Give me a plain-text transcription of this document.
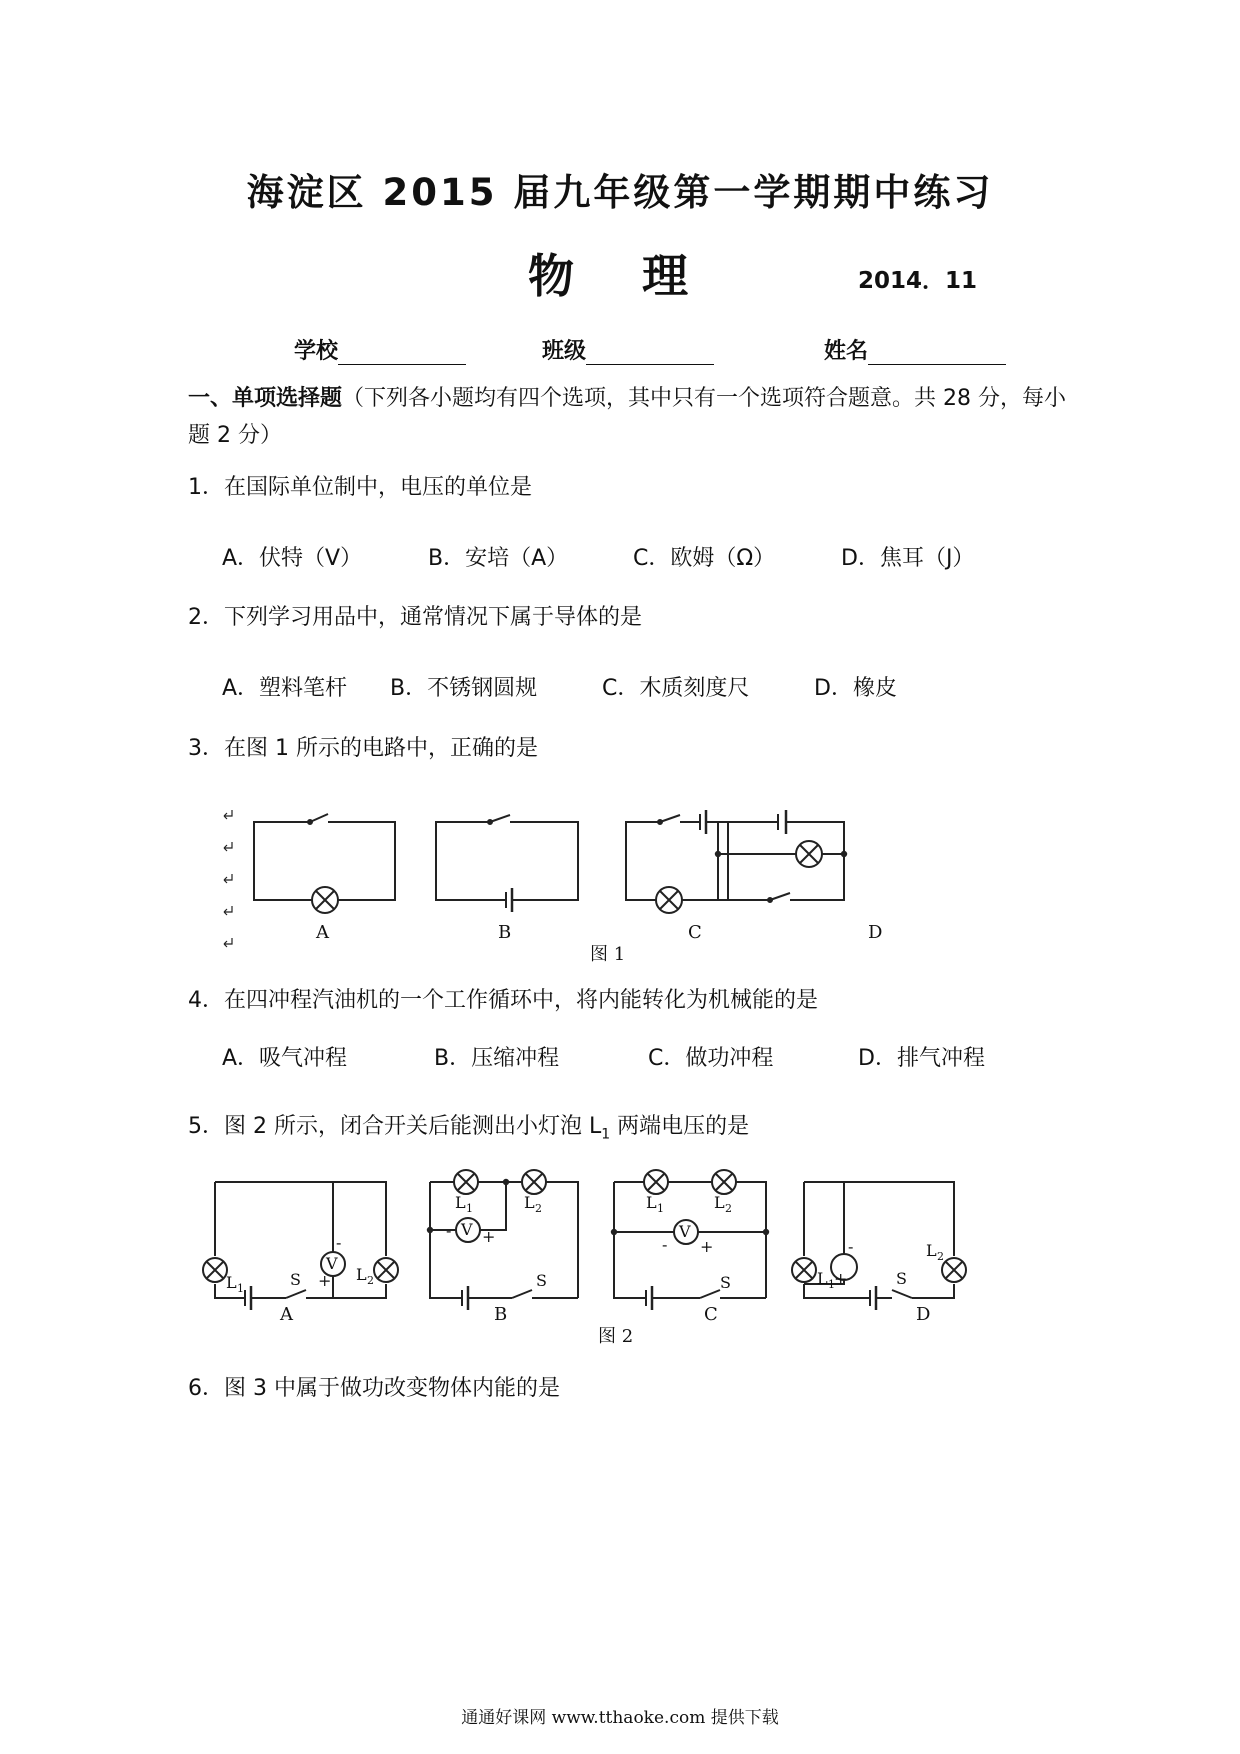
海淀区 2015 届九年级第一学期期中练习
物 理	2014．11
学校	班级	姓名
一、单项选择题（下列各小题均有四个选项，其中只有一个选项符合题意。共 28 分，每小
题 2 分）
1．在国际单位制中，电压的单位是
A．伏特（V）	B．安培（A）	C．欧姆（Ω）	D．焦耳（J）
2．下列学习用品中，通常情况下属于导体的是
A．塑料笔杆 B．不锈钢圆规	C．木质刻度尺	D．橡皮
3．在图 1 所示的电路中，正确的是
A	B	C	D
图 1
4．在四冲程汽油机的一个工作循环中，将内能转化为机械能的是
A．吸气冲程	B．压缩冲程	C．做功冲程	D．排气冲程
5．图 2 所示，闭合开关后能测出小灯泡 $L_1$ 两端电压的是
V
V	V
L 1
L 2
S
-
+
L 1	L 2
- +
S
L 1	L 2
- +
S	L 1
L 2
-
+	S
A	B	C	D
图 2
6．图 3 中属于做功改变物体内能的是
通通好课网 www.tthaoke.com 提供下载
